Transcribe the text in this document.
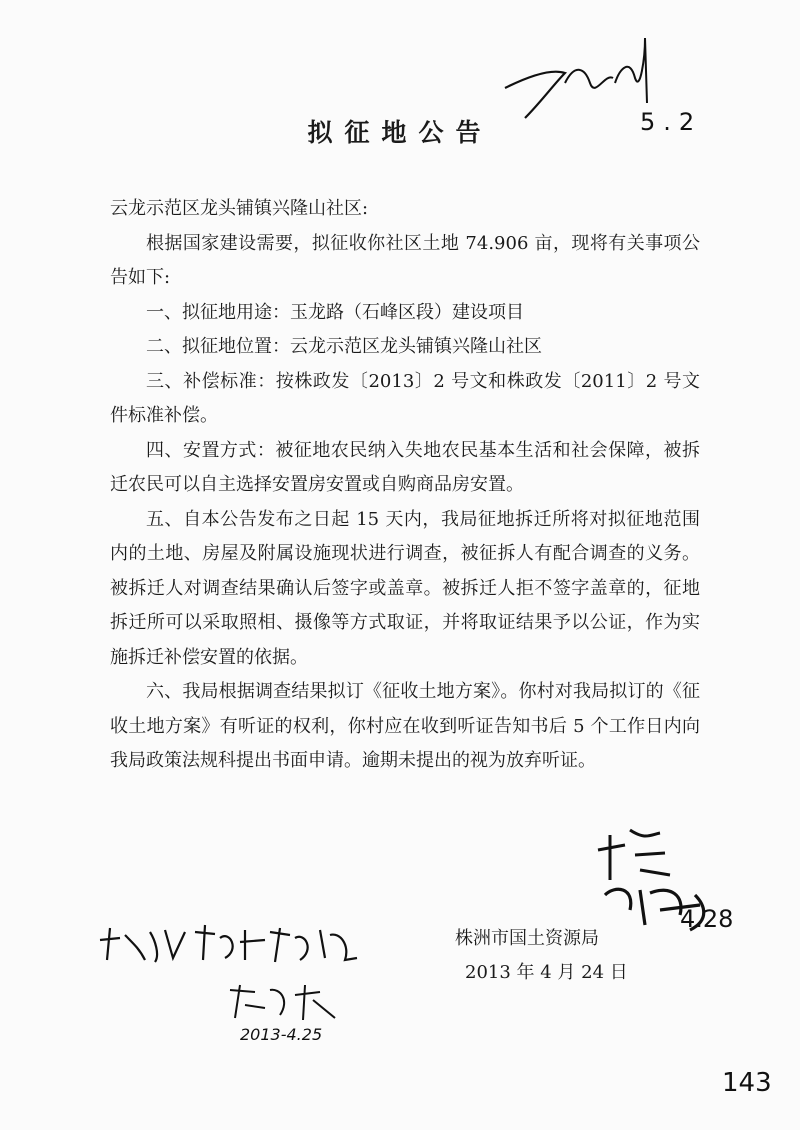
5.2
拟征地公告

云龙示范区龙头铺镇兴隆山社区:

根据国家建设需要，拟征收你社区土地 74.906 亩，现将有关事项公告如下:

一、拟征地用途：玉龙路（石峰区段）建设项目

二、拟征地位置：云龙示范区龙头铺镇兴隆山社区

三、补偿标准：按株政发〔2013〕2 号文和株政发〔2011〕2 号文件标准补偿。

四、安置方式：被征地农民纳入失地农民基本生活和社会保障，被拆迁农民可以自主选择安置房安置或自购商品房安置。

五、自本公告发布之日起 15 天内，我局征地拆迁所将对拟征地范围内的土地、房屋及附属设施现状进行调查，被征拆人有配合调查的义务。被拆迁人对调查结果确认后签字或盖章。被拆迁人拒不签字盖章的，征地拆迁所可以采取照相、摄像等方式取证，并将取证结果予以公证，作为实施拆迁补偿安置的依据。

六、我局根据调查结果拟订《征收土地方案》。你村对我局拟订的《征收土地方案》有听证的权利，你村应在收到听证告知书后 5 个工作日内向我局政策法规科提出书面申请。逾期未提出的视为放弃听证。

4.28
2013-4.25
株洲市国土资源局
2013 年 4 月 24 日
143
